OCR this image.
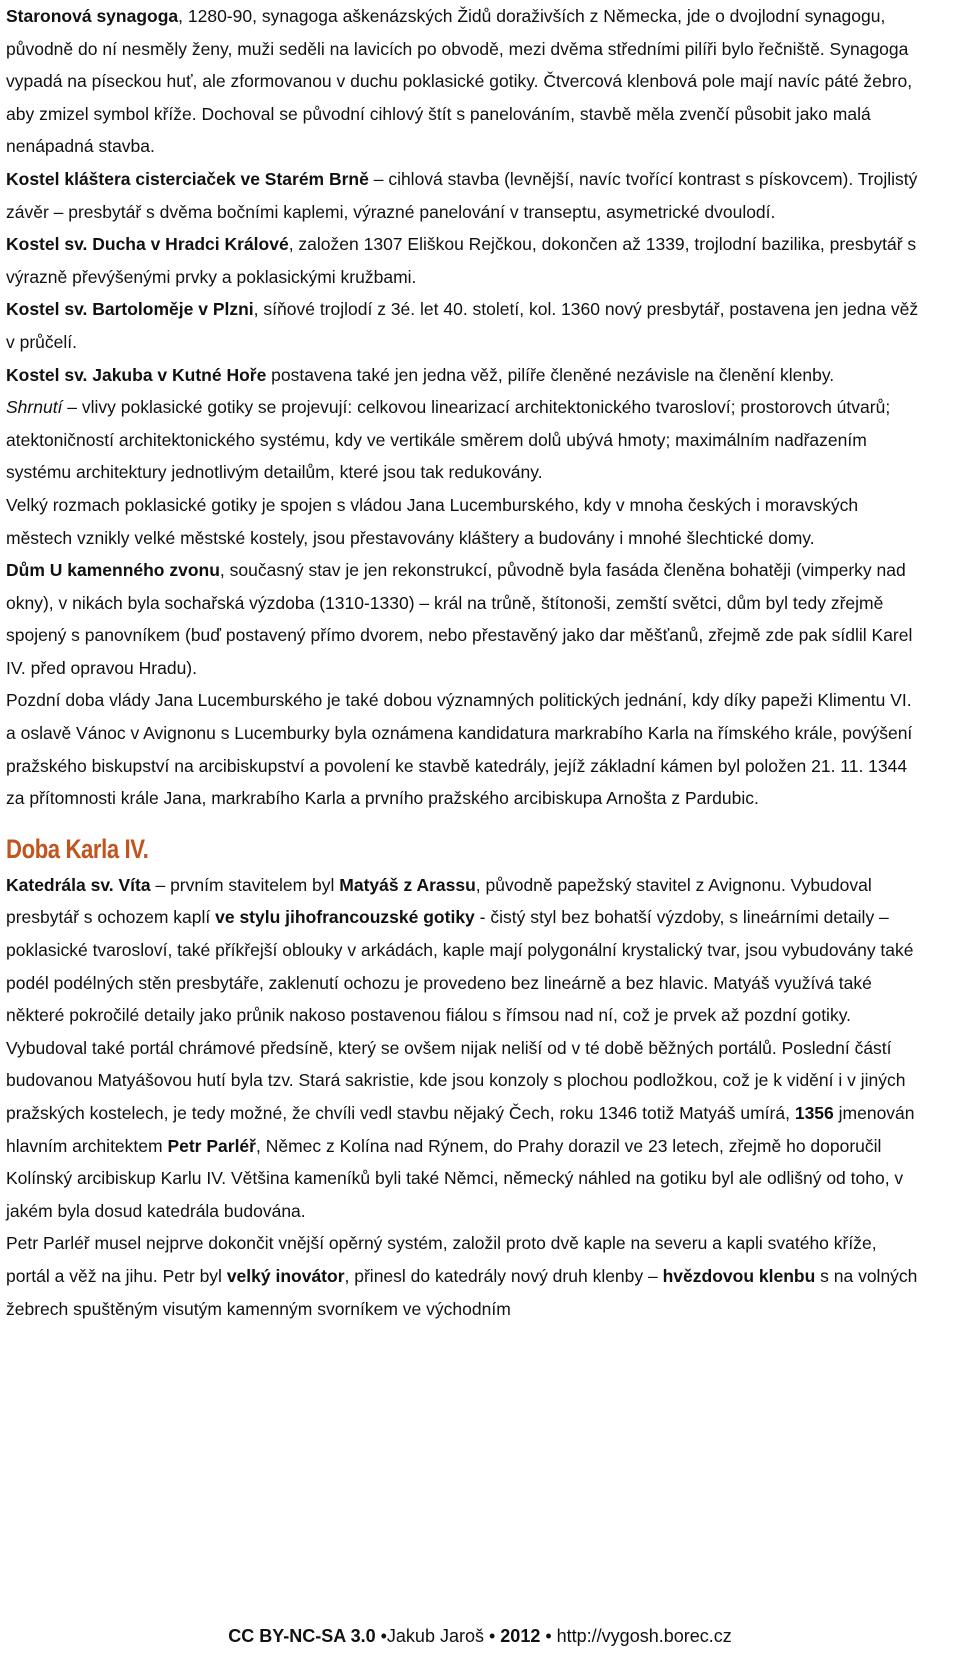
Staronová synagoga, 1280-90, synagoga aškenázských Židů doraživších z Německa, jde o dvojlodní synagogu, původně do ní nesměly ženy, muži seděli na lavicích po obvodě, mezi dvěma středními pilíři bylo řečniště. Synagoga vypadá na píseckou huť, ale zformovanou v duchu poklasické gotiky. Čtvercová klenbová pole mají navíc páté žebro, aby zmizel symbol kříže. Dochoval se původní cihlový štít s panelováním, stavbě měla zvenčí působit jako malá nenápadná stavba.

Kostel kláštera cisterciaček ve Starém Brně – cihlová stavba (levnější, navíc tvořící kontrast s pískovcem). Trojlistý závěr – presbytář s dvěma bočními kaplemi, výrazné panelování v transeptu, asymetrické dvoulodí.

Kostel sv. Ducha v Hradci Králové, založen 1307 Eliškou Rejčkou, dokončen až 1339, trojlodní bazilika, presbytář s výrazně převýšenými prvky a poklasickými kružbami.

Kostel sv. Bartoloměje v Plzni, síňové trojlodí z 3é. let 40. století, kol. 1360 nový presbytář, postavena jen jedna věž v průčelí.

Kostel sv. Jakuba v Kutné Hoře postavena také jen jedna věž, pilíře členěné nezávisle na členění klenby.

Shrnutí – vlivy poklasické gotiky se projevují: celkovou linearizací architektonického tvarosloví; prostorovch útvarů; atektoničností architektonického systému, kdy ve vertikále směrem dolů ubývá hmoty; maximálním nadřazením systému architektury jednotlivým detailům, které jsou tak redukovány.

Velký rozmach poklasické gotiky je spojen s vládou Jana Lucemburského, kdy v mnoha českých i moravských městech vznikly velké městské kostely, jsou přestavovány kláštery a budovány i mnohé šlechtické domy.

Dům U kamenného zvonu, současný stav je jen rekonstrukcí, původně byla fasáda členěna bohatěji (vimperky nad okny), v nikách byla sochařská výzdoba (1310-1330) – král na trůně, štítonoši, zemští světci, dům byl tedy zřejmě spojený s panovníkem (buď postavený přímo dvorem, nebo přestavěný jako dar měšťanů, zřejmě zde pak sídlil Karel IV. před opravou Hradu).

Pozdní doba vlády Jana Lucemburského je také dobou významných politických jednání, kdy díky papeži Klimentu VI. a oslavě Vánoc v Avignonu s Lucemburky byla oznámena kandidatura markrabího Karla na římského krále, povýšení pražského biskupství na arcibiskupství a povolení ke stavbě katedrály, jejíž základní kámen byl položen 21. 11. 1344 za přítomnosti krále Jana, markrabího Karla a prvního pražského arcibiskupa Arnošta z Pardubic.

Doba Karla IV.

Katedrála sv. Víta – prvním stavitelem byl Matyáš z Arassu, původně papežský stavitel z Avignonu. Vybudoval presbytář s ochozem kaplí ve stylu jihofrancouzské gotiky - čistý styl bez bohatší výzdoby, s lineárními detaily – poklasické tvarosloví, také příkřejší oblouky v arkádách, kaple mají polygonální krystalický tvar, jsou vybudovány také podél podélných stěn presbytáře, zaklenutí ochozu je provedeno bez lineárně a bez hlavic. Matyáš využívá také některé pokročilé detaily jako průnik nakoso postavenou fiálou s římsou nad ní, což je prvek až pozdní gotiky. Vybudoval také portál chrámové předsíně, který se ovšem nijak neliší od v té době běžných portálů. Poslední částí budovanou Matyášovou hutí byla tzv. Stará sakristie, kde jsou konzoly s plochou podložkou, což je k vidění i v jiných pražských kostelech, je tedy možné, že chvíli vedl stavbu nějaký Čech, roku 1346 totiž Matyáš umírá, 1356 jmenován hlavním architektem Petr Parléř, Němec z Kolína nad Rýnem, do Prahy dorazil ve 23 letech, zřejmě ho doporučil Kolínský arcibiskup Karlu IV. Většina kameníků byli také Němci, německý náhled na gotiku byl ale odlišný od toho, v jakém byla dosud katedrála budována.

Petr Parléř musel nejprve dokončit vnější opěrný systém, založil proto dvě kaple na severu a kapli svatého kříže, portál a věž na jihu. Petr byl velký inovátor, přinesl do katedrály nový druh klenby – hvězdovou klenbu s na volných žebrech spuštěným visutým kamenným svorníkem ve východním

CC BY-NC-SA 3.0 •Jakub Jaroš • 2012 • http://vygosh.borec.cz
